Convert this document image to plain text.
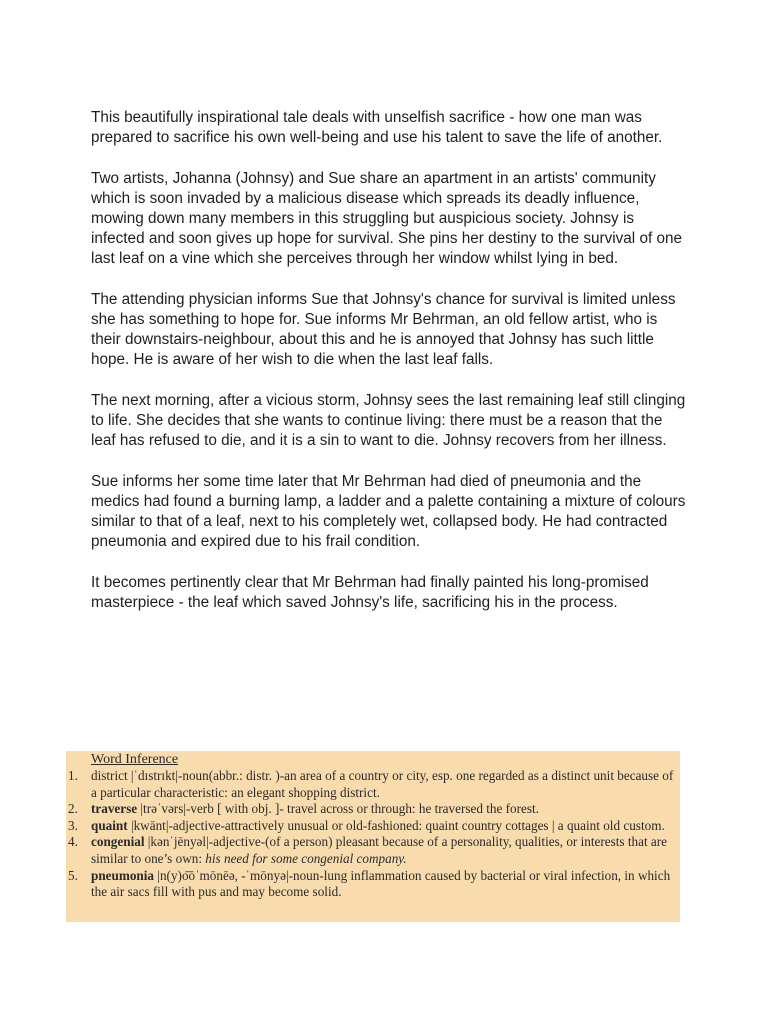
This beautifully inspirational tale deals with unselfish sacrifice - how one man was prepared to sacrifice his own well-being and use his talent to save the life of another.

Two artists, Johanna (Johnsy) and Sue share an apartment in an artists' community which is soon invaded by a malicious disease which spreads its deadly influence, mowing down many members in this struggling but auspicious society. Johnsy is infected and soon gives up hope for survival. She pins her destiny to the survival of one last leaf on a vine which she perceives through her window whilst lying in bed.

The attending physician informs Sue that Johnsy's chance for survival is limited unless she has something to hope for. Sue informs Mr Behrman, an old fellow artist, who is their downstairs-neighbour, about this and he is annoyed that Johnsy has such little hope. He is aware of her wish to die when the last leaf falls.

The next morning, after a vicious storm, Johnsy sees the last remaining leaf still clinging to life. She decides that she wants to continue living: there must be a reason that the leaf has refused to die, and it is a sin to want to die. Johnsy recovers from her illness.

Sue informs her some time later that Mr Behrman had died of pneumonia and the medics had found a burning lamp, a ladder and a palette containing a mixture of colours similar to that of a leaf, next to his completely wet, collapsed body. He had contracted pneumonia and expired due to his frail condition.

It becomes pertinently clear that Mr Behrman had finally painted his long-promised masterpiece - the leaf which saved Johnsy's life, sacrificing his in the process.

Word Inference
1. district |ˈdɪstrɪkt|-noun(abbr.: distr. )-an area of a country or city, esp. one regarded as a distinct unit because of a particular characteristic: an elegant shopping district.
2. traverse |trəˈvərs|-verb [ with obj. ]- travel across or through: he traversed the forest.
3. quaint |kwānt|-adjective-attractively unusual or old-fashioned: quaint country cottages | a quaint old custom.
4. congenial |kənˈjēnyəl|-adjective-(of a person) pleasant because of a personality, qualities, or interests that are similar to one’s own: his need for some congenial company.
5. pneumonia |n(y)o͞oˈmōnēə, -ˈmōnyə|-noun-lung inflammation caused by bacterial or viral infection, in which the air sacs fill with pus and may become solid.
